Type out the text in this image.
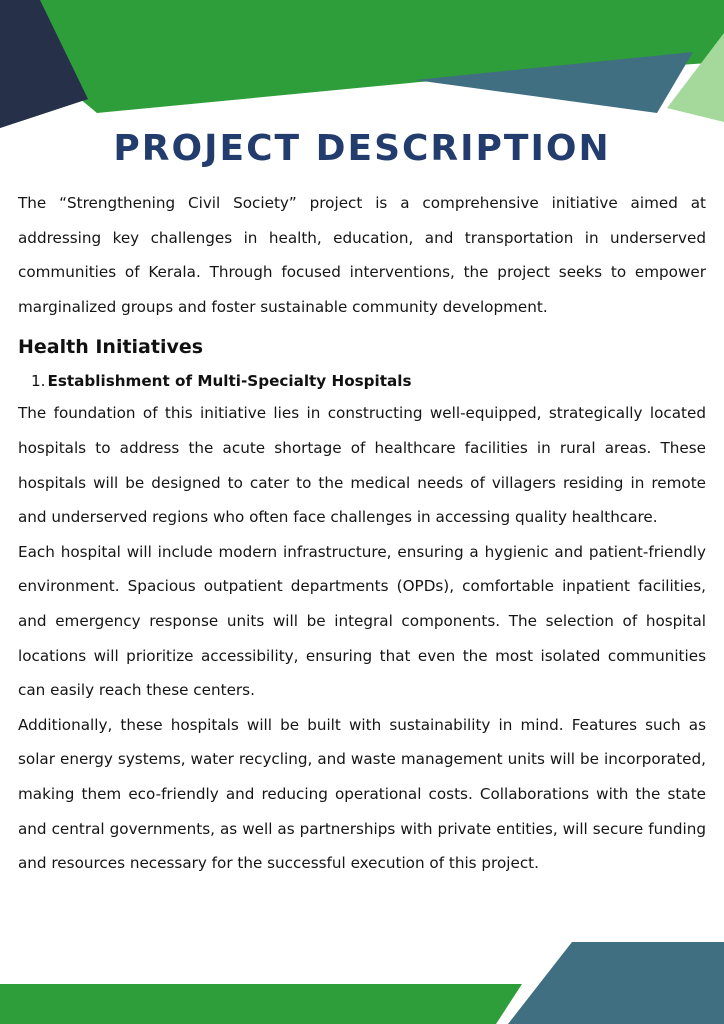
PROJECT DESCRIPTION

The “Strengthening Civil Society” project is a comprehensive initiative aimed at addressing key challenges in health, education, and transportation in underserved communities of Kerala. Through focused interventions, the project seeks to empower marginalized groups and foster sustainable community development.

Health Initiatives
1. Establishment of Multi-Specialty Hospitals

The foundation of this initiative lies in constructing well-equipped, strategically located hospitals to address the acute shortage of healthcare facilities in rural areas. These hospitals will be designed to cater to the medical needs of villagers residing in remote and underserved regions who often face challenges in accessing quality healthcare.

Each hospital will include modern infrastructure, ensuring a hygienic and patient-friendly environment. Spacious outpatient departments (OPDs), comfortable inpatient facilities, and emergency response units will be integral components. The selection of hospital locations will prioritize accessibility, ensuring that even the most isolated communities can easily reach these centers.

Additionally, these hospitals will be built with sustainability in mind. Features such as solar energy systems, water recycling, and waste management units will be incorporated, making them eco-friendly and reducing operational costs. Collaborations with the state and central governments, as well as partnerships with private entities, will secure funding and resources necessary for the successful execution of this project.
